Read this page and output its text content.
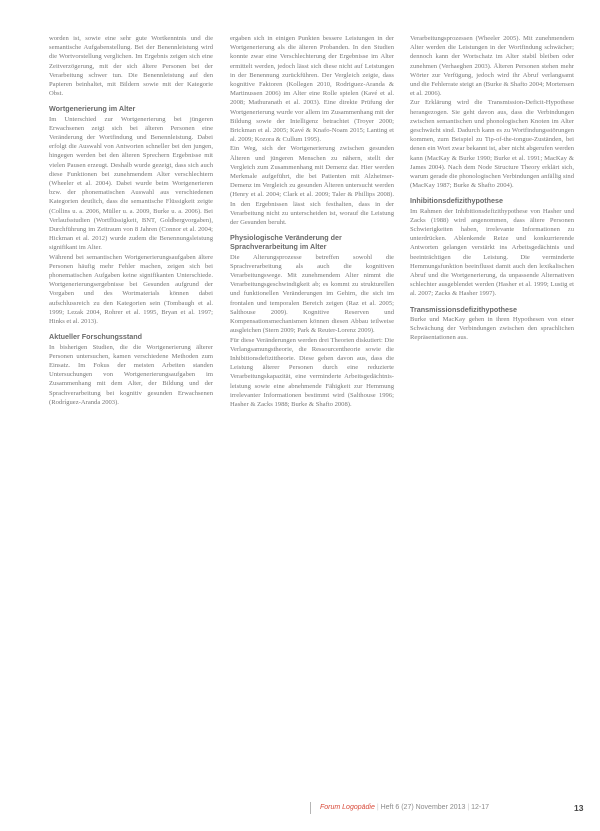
worden ist, sowie eine sehr gute Wortkenntnis und die semantische Aufgabenstellung. Bei der Benennleistung wird die Wortvorstellung verglichen. Im Ergebnis zeigen sich eine Zeitverzögerung, mit der sich ältere Personen bei der Verarbeitung schwer tun. Die Benennleistung auf den Papieren beinhaltet, mit Bildern sowie mit der Kategorie Obst.

Wortgenerierung im Alter

Im Unterschied zur Wortgenerierung bei jüngeren Erwachsenen zeigt sich bei älteren Personen eine Veränderung der Wortfindung und Benennleistung. Dabei erfolgt die Auswahl von Antworten schneller bei den jungen, hingegen werden bei den älteren Sprechern Ergebnisse mit vielen Pausen erzeugt. Deshalb wurde gezeigt, dass sich auch diese Funktionen bei zunehmendem Alter verschlechtern (Wheeler et al. 2004). Dabei wurde beim Wortgenerieren bzw. der phonematischen Auswahl aus verschiedenen Kategorien deutlich, dass die semantische Flüssigkeit zeigte (Collins u. a. 2006, Müller u. a. 2009, Burke u. a. 2006). Bei Verlaufsstudien (Wortflüssigkeit, BNT, Goldbergvorgaben), Durchführung im Zeitraum von 8 Jahren (Connor et al. 2004; Hickman et al. 2012) wurde zudem die Benennungsleistung signifikant im Alter.

Während bei semantischen Wortgenerierungsaufgaben ältere Personen häufig mehr Fehler machen, zeigen sich bei phonematischen Aufgaben keine signifikanten Unterschiede. Wortgenerierungsergebnisse bei Gesunden aufgrund der Vorgaben und des Wortmaterials können dabei aufschlussreich zu den Kategorien sein (Tombaugh et al. 1999; Lezak 2004, Rohrer et al. 1995, Bryan et al. 1997; Hinks et al. 2013).

Aktueller Forschungsstand

In bisherigen Studien, die die Wortgenerierung älterer Personen untersuchen, kamen verschiedene Methoden zum Einsatz. Im Fokus der meisten Arbeiten standen Untersuchungen von Wortgenerierungsaufgaben im Zusammenhang mit dem Alter, der Bildung und der Sprachverarbeitung bei kognitiv gesunden Erwachsenen (Rodríguez-Aranda 2003).

ergaben sich in einigen Punkten bessere Leistungen in der Wortgenerierung als die älteren Probanden. In den Studien konnte zwar eine Verschlechterung der Ergebnisse im Alter ermittelt werden, jedoch lässt sich diese nicht auf Leistungen in der Benennung zurückführen. Der Vergleich zeigte, dass kognitive Faktoren (Kollegen 2010, Rodriguez-Aranda & Martinussen 2006) im Alter eine Rolle spielen (Kavé et al. 2008; Mathuranath et al. 2003). Eine direkte Prüfung der Wortgenerierung wurde vor allem im Zusammenhang mit der Bildung sowie der Intelligenz betrachtet (Troyer 2000; Brickman et al. 2005; Kavé & Knafo-Noam 2015; Lanting et al. 2009; Kozora & Cullum 1995).

Ein Weg, sich der Wortgenerierung zwischen gesunden Älteren und jüngeren Menschen zu nähern, stellt der Vergleich zum Zusammenhang mit Demenz dar. Hier werden Merkmale aufgeführt, die bei Patienten mit Alzheimer-Demenz im Vergleich zu gesunden Älteren untersucht werden (Henry et al. 2004; Clark et al. 2009; Taler & Phillips 2008). In den Ergebnissen lässt sich festhalten, dass in der Verarbeitung nicht zu unterscheiden ist, worauf die Leistung der Gesunden beruht.

Physiologische Veränderung der Sprachverarbeitung im Alter

Die Alterungsprozesse betreffen sowohl die Sprachverarbeitung als auch die kognitiven Verarbeitungswege. Mit zunehmendem Alter nimmt die Verarbeitungsgeschwindigkeit ab; es kommt zu strukturellen und funktionellen Veränderungen im Gehirn, die sich im frontalen und temporalen Bereich zeigen (Raz et al. 2005; Salthouse 2009). Kognitive Reserven und Kompensationsmechanismen können diesen Abbau teilweise ausgleichen (Stern 2009; Park & Reuter-Lorenz 2009).

Für diese Veränderungen werden drei Theorien diskutiert: Die Verlangsamungstheorie, die Ressourcentheorie sowie die Inhibitionsdefizittheorie. Diese gehen davon aus, dass die Leistung älterer Personen durch eine reduzierte Verarbeitungskapazität, eine verminderte Arbeitsgedächtnisleistung sowie eine abnehmende Fähigkeit zur Hemmung irrelevanter Informationen bestimmt wird (Salthouse 1996; Hasher & Zacks 1988; Burke & Shafto 2008).

Verarbeitungsprozessen (Wheeler 2005). Mit zunehmendem Alter werden die Leistungen in der Wortfindung schwächer; dennoch kann der Wortschatz im Alter stabil bleiben oder zunehmen (Verhaeghen 2003). Älteren Personen stehen mehr Wörter zur Verfügung, jedoch wird ihr Abruf verlangsamt und die Fehlerrate steigt an (Burke & Shafto 2004; Mortensen et al. 2006).

Zur Erklärung wird die Transmission-Deficit-Hypothese herangezogen. Sie geht davon aus, dass die Verbindungen zwischen semantischen und phonologischen Knoten im Alter geschwächt sind. Dadurch kann es zu Wortfindungsstörungen kommen, zum Beispiel zu Tip-of-the-tongue-Zuständen, bei denen ein Wort zwar bekannt ist, aber nicht abgerufen werden kann (MacKay & Burke 1990; Burke et al. 1991; MacKay & James 2004). Nach dem Node Structure Theory erklärt sich, warum gerade die phonologischen Verbindungen anfällig sind (MacKay 1987; Burke & Shafto 2004).

Inhibitionsdefizithypothese

Im Rahmen der Inhibitionsdefizithypothese von Hasher und Zacks (1988) wird angenommen, dass ältere Personen Schwierigkeiten haben, irrelevante Informationen zu unterdrücken. Ablenkende Reize und konkurrierende Antworten gelangen verstärkt ins Arbeitsgedächtnis und beeinträchtigen die Leistung. Die verminderte Hemmungsfunktion beeinflusst damit auch den lexikalischen Abruf und die Wortgenerierung, da unpassende Alternativen schlechter ausgeblendet werden (Hasher et al. 1999; Lustig et al. 2007; Zacks & Hasher 1997).

Transmissionsdefizithypothese

Burke und MacKay gehen in ihren Hypothesen von einer Schwächung der Verbindungen zwischen den sprachlichen Repräsentationen aus.

Forum Logopädie | Heft 6 (27) November 2013 | 12-17	13
